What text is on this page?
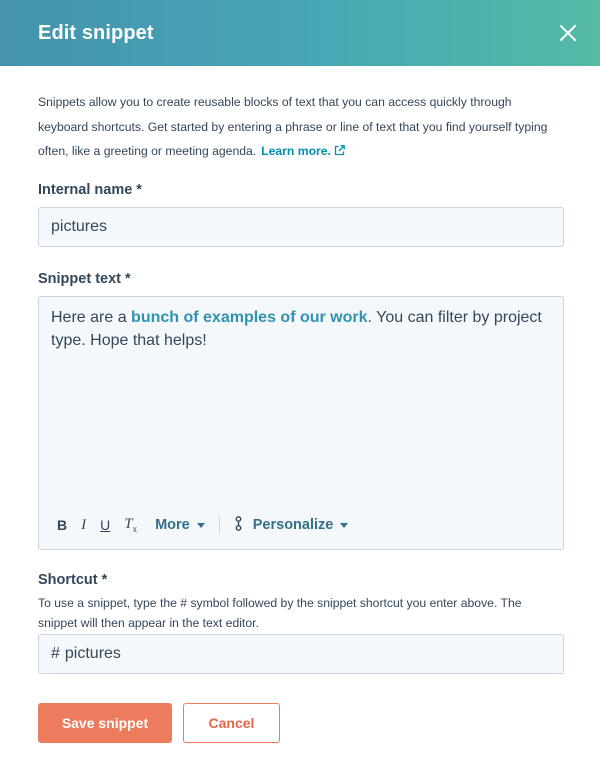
Edit snippet

Snippets allow you to create reusable blocks of text that you can access quickly through keyboard shortcuts. Get started by entering a phrase or line of text that you find yourself typing often, like a greeting or meeting agenda. Learn more.

Internal name *
pictures
Snippet text *
Here are a bunch of examples of our work. You can filter by project type. Hope that helps!
B I U $T_x$ More	Personalize
Shortcut *

To use a snippet, type the # symbol followed by the snippet shortcut you enter above. The snippet will then appear in the text editor.

# pictures
Save snippet	Cancel
